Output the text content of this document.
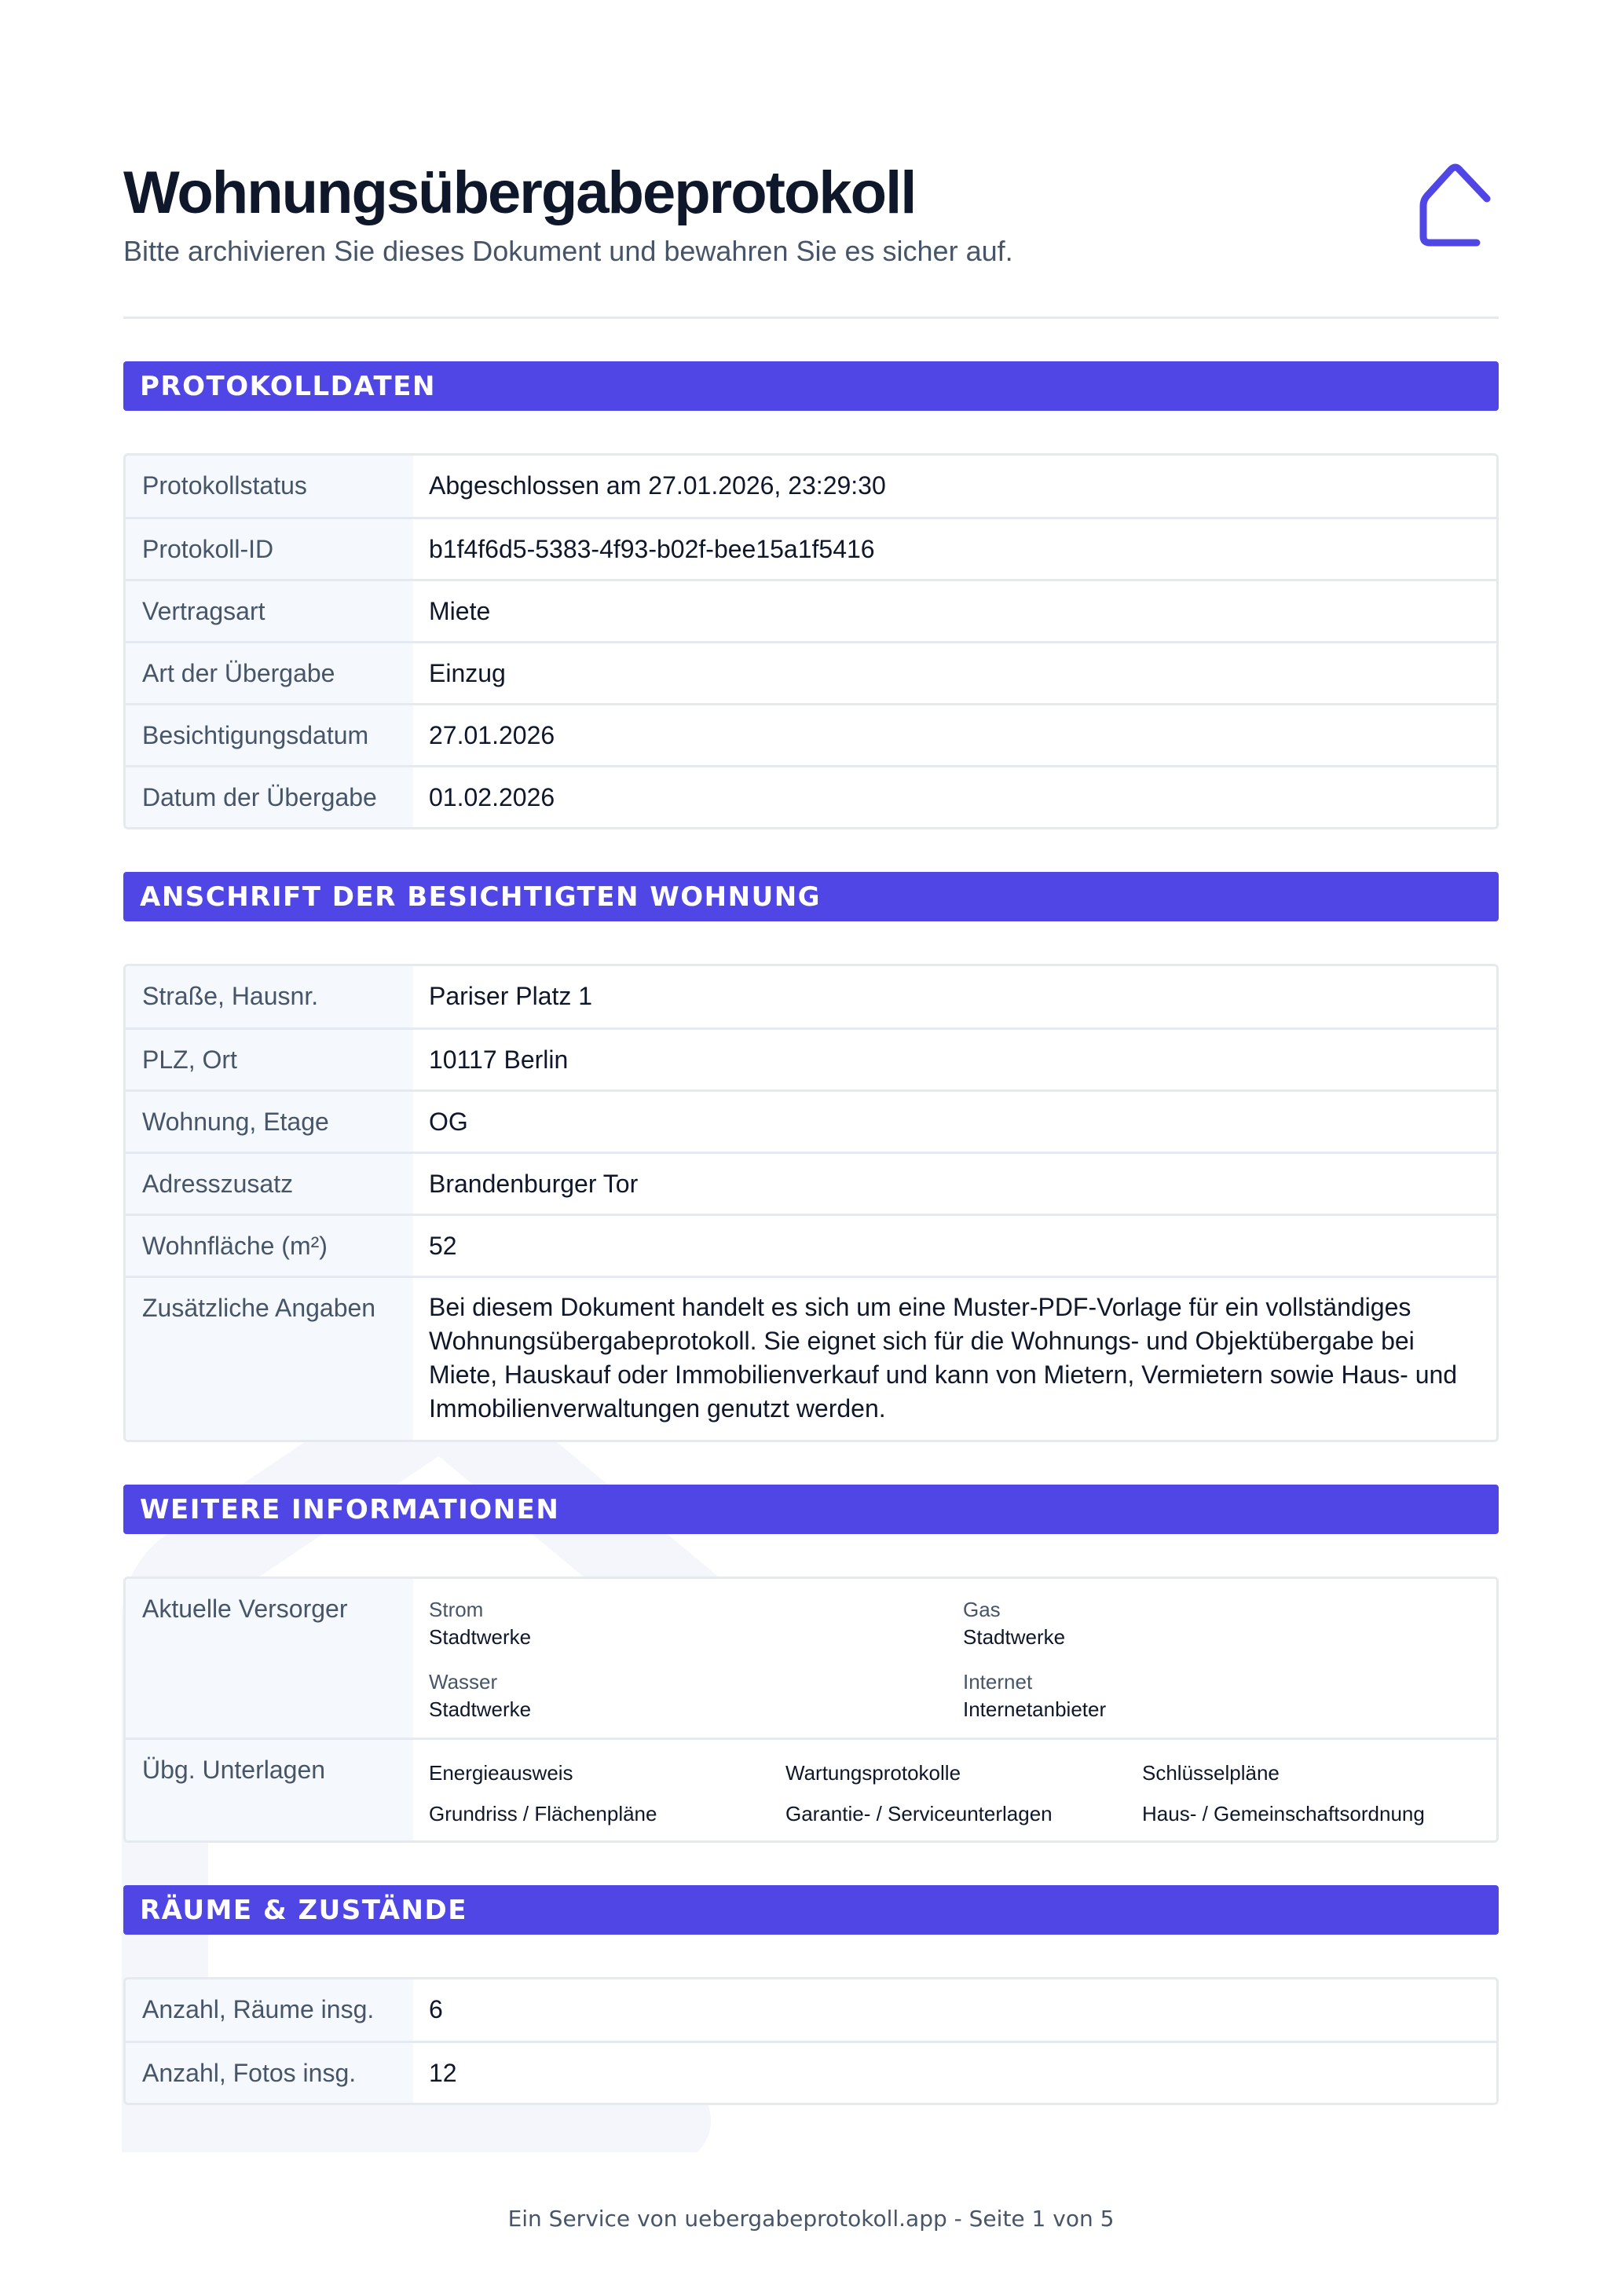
Wohnungsübergabeprotokoll
Bitte archivieren Sie dieses Dokument und bewahren Sie es sicher auf.
PROTOKOLLDATEN
Protokollstatus	Abgeschlossen am 27.01.2026, 23:29:30
Protokoll-ID	b1f4f6d5-5383-4f93-b02f-bee15a1f5416
Vertragsart	Miete
Art der Übergabe	Einzug
Besichtigungsdatum	27.01.2026
Datum der Übergabe	01.02.2026
ANSCHRIFT DER BESICHTIGTEN WOHNUNG
Straße, Hausnr.	Pariser Platz 1
PLZ, Ort	10117 Berlin
Wohnung, Etage	OG
Adresszusatz	Brandenburger Tor
Wohnfläche (m²)	52
Zusätzliche Angaben	Bei diesem Dokument handelt es sich um eine Muster-PDF-Vorlage für ein vollständiges Wohnungsübergabeprotokoll. Sie eignet sich für die Wohnungs- und Objektübergabe bei Miete, Hauskauf oder Immobilienverkauf und kann von Mietern, Vermietern sowie Haus- und Immobilienverwaltungen genutzt werden.
WEITERE INFORMATIONEN
Aktuelle Versorger	Strom
Stadtwerke
Gas
Stadtwerke
Wasser
Stadtwerke
Internet
Internetanbieter
Übg. Unterlagen	Energieausweis	Wartungsprotokolle	Schlüsselpläne
Grundriss / Flächenpläne	Garantie- / Serviceunterlagen	Haus- / Gemeinschaftsordnung
RÄUME & ZUSTÄNDE
Anzahl, Räume insg.	6
Anzahl, Fotos insg.	12
Ein Service von uebergabeprotokoll.app - Seite 1 von 5
